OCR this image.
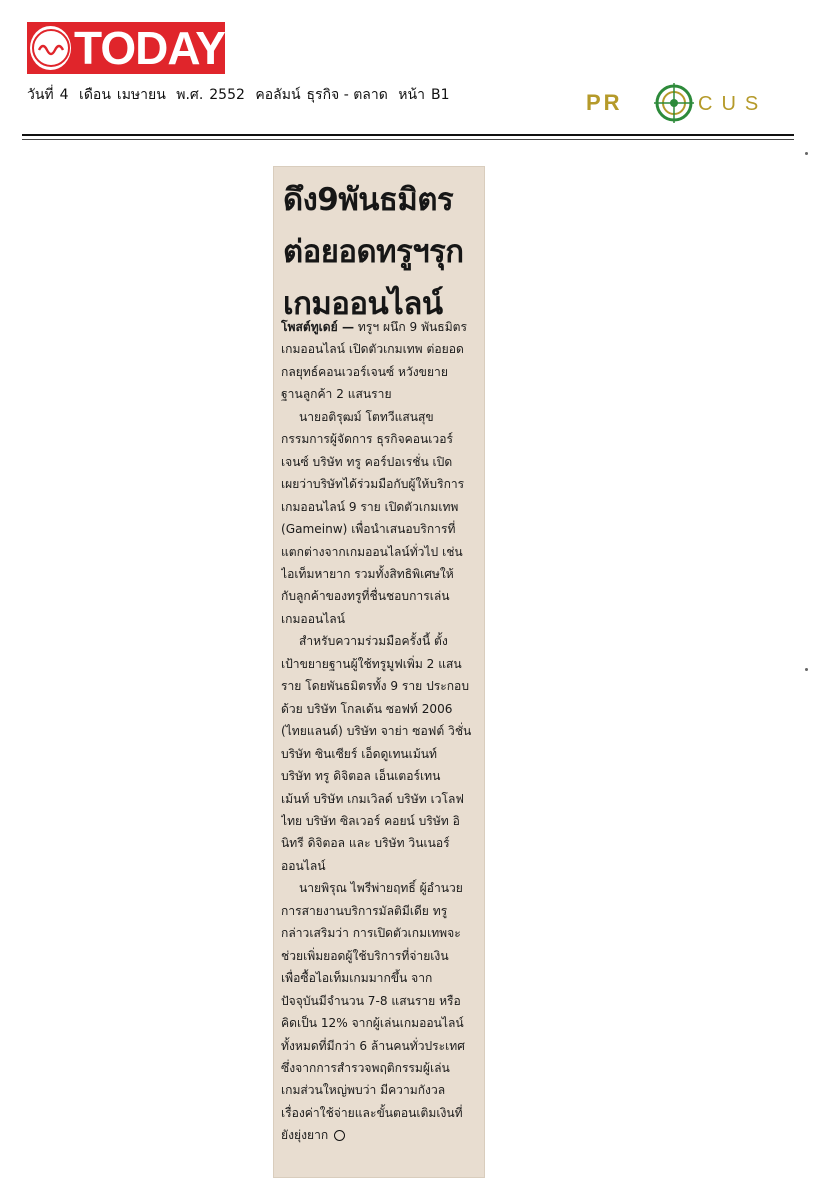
TODAY
วันที่ 4 เดือน เมษายน พ.ศ. 2552 คอลัมน์ ธุรกิจ - ตลาด หน้า B1	PR	CUS
ดึง9พันธมิตร
ต่อยอดทรูฯรุก
เกมออนไลน์
โพสต์ทูเดย์ — ทรูฯ ผนึก 9 พันธมิตร
เกมออนไลน์ เปิดตัวเกมเทพ ต่อยอด
กลยุทธ์คอนเวอร์เจนซ์ หวังขยาย
ฐานลูกค้า 2 แสนราย
นายอติรุฒม์ โตทวีแสนสุข
กรรมการผู้จัดการ ธุรกิจคอนเวอร์
เจนซ์ บริษัท ทรู คอร์ปอเรชั่น เปิด
เผยว่าบริษัทได้ร่วมมือกับผู้ให้บริการ
เกมออนไลน์ 9 ราย เปิดตัวเกมเทพ
(Gameinw) เพื่อนำเสนอบริการที่
แตกต่างจากเกมออนไลน์ทั่วไป เช่น
ไอเท็มหายาก รวมทั้งสิทธิพิเศษให้
กับลูกค้าของทรูที่ชื่นชอบการเล่น
เกมออนไลน์
สำหรับความร่วมมือครั้งนี้ ตั้ง
เป้าขยายฐานผู้ใช้ทรูมูฟเพิ่ม 2 แสน
ราย โดยพันธมิตรทั้ง 9 ราย ประกอบ
ด้วย บริษัท โกลเด้น ซอฟท์ 2006
(ไทยแลนด์) บริษัท จาย่า ซอฟต์ วิชั่น
บริษัท ซินเซียร์ เอ็ดดูเทนเม้นท์
บริษัท ทรู ดิจิตอล เอ็นเตอร์เทน
เม้นท์ บริษัท เกมเวิลด์ บริษัท เวโลฟ
ไทย บริษัท ซิลเวอร์ คอยน์ บริษัท อิ
นิทรี ดิจิตอล และ บริษัท วินเนอร์
ออนไลน์
นายพิรุณ ไพรีพ่ายฤทธิ์ ผู้อำนวย
การสายงานบริการมัลติมีเดีย ทรู
กล่าวเสริมว่า การเปิดตัวเกมเทพจะ
ช่วยเพิ่มยอดผู้ใช้บริการที่จ่ายเงิน
เพื่อซื้อไอเท็มเกมมากขึ้น จาก
ปัจจุบันมีจำนวน 7-8 แสนราย หรือ
คิดเป็น 12% จากผู้เล่นเกมออนไลน์
ทั้งหมดที่มีกว่า 6 ล้านคนทั่วประเทศ
ซึ่งจากการสำรวจพฤติกรรมผู้เล่น
เกมส่วนใหญ่พบว่า มีความกังวล
เรื่องค่าใช้จ่ายและขั้นตอนเติมเงินที่
ยังยุ่งยาก
